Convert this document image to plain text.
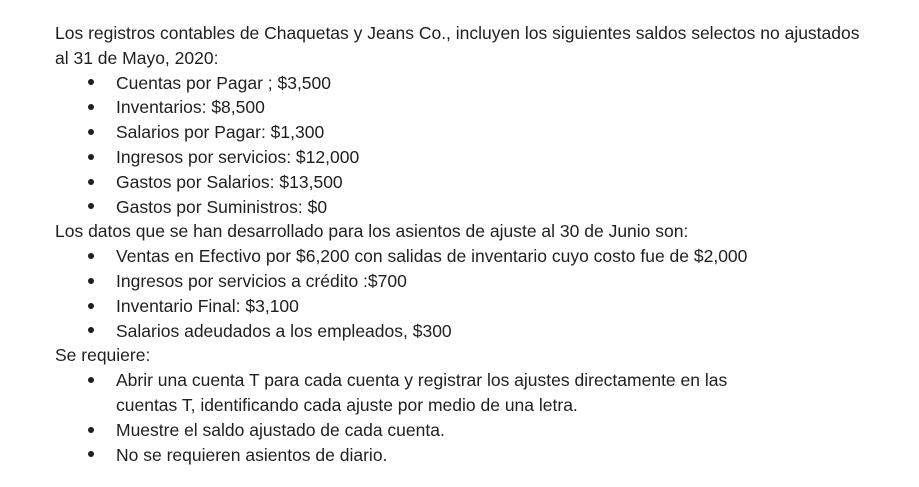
Los registros contables de Chaquetas y Jeans Co., incluyen los siguientes saldos selectos no ajustados al 31 de Mayo, 2020:

Cuentas por Pagar ; $3,500
Inventarios: $8,500
Salarios por Pagar: $1,300
Ingresos por servicios: $12,000
Gastos por Salarios: $13,500
Gastos por Suministros: $0

Los datos que se han desarrollado para los asientos de ajuste al 30 de Junio son:

Ventas en Efectivo por $6,200 con salidas de inventario cuyo costo fue de $2,000
Ingresos por servicios a crédito :$700
Inventario Final: $3,100
Salarios adeudados a los empleados, $300

Se requiere:

Abrir una cuenta T para cada cuenta y registrar los ajustes directamente en las cuentas T, identificando cada ajuste por medio de una letra.
Muestre el saldo ajustado de cada cuenta.
No se requieren asientos de diario.
